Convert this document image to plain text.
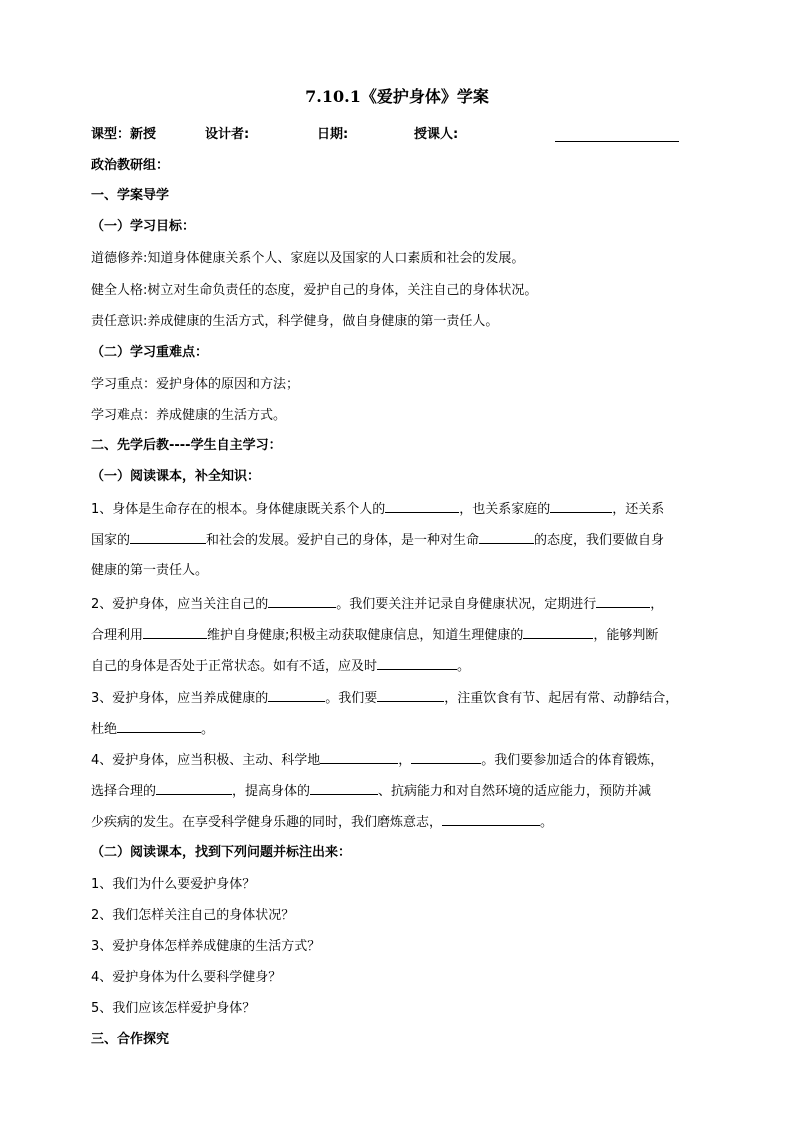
7.10.1《爱护身体》学案
课型：新授	设计者:	日期:	授课人:
政治教研组：
一、学案导学
（一）学习目标：
道德修养:知道身体健康关系个人、家庭以及国家的人口素质和社会的发展。
健全人格:树立对生命负责任的态度，爱护自己的身体，关注自己的身体状况。
责任意识:养成健康的生活方式，科学健身，做自身健康的第一责任人。
（二）学习重难点：
学习重点：爱护身体的原因和方法；
学习难点：养成健康的生活方式。
二、先学后教----学生自主学习：
（一）阅读课本，补全知识：
1、身体是生命存在的根本。身体健康既关系个人的	，也关系家庭的	，还关系
国家的	和社会的发展。爱护自己的身体，是一种对生命	的态度，我们要做自身
健康的第一责任人。
2、爱护身体，应当关注自己的	。我们要关注并记录自身健康状况，定期进行	，
合理利用	维护自身健康;积极主动获取健康信息，知道生理健康的	，能够判断
自己的身体是否处于正常状态。如有不适，应及时	。
3、爱护身体，应当养成健康的	。我们要	，注重饮食有节、起居有常、动静结合，
杜绝	。
4、爱护身体，应当积极、主动、科学地	，	。我们要参加适合的体育锻炼，
选择合理的	，提高身体的	、抗病能力和对自然环境的适应能力，预防并减
少疾病的发生。在享受科学健身乐趣的同时，我们磨炼意志，	。
（二）阅读课本，找到下列问题并标注出来：
1、我们为什么要爱护身体？
2、我们怎样关注自己的身体状况？
3、爱护身体怎样养成健康的生活方式？
4、爱护身体为什么要科学健身？
5、我们应该怎样爱护身体？
三、合作探究
